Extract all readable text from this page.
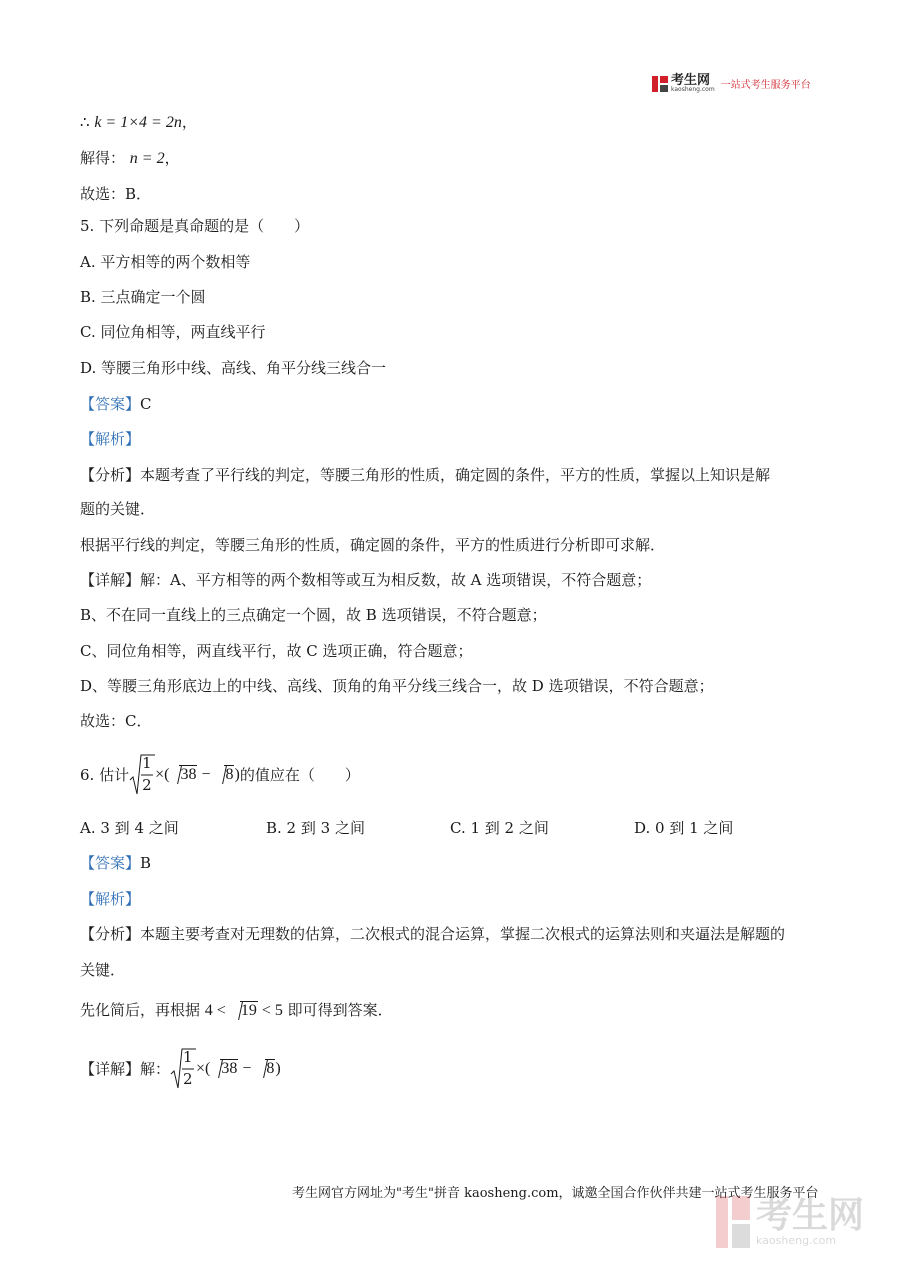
考生网
kaosheng.com 一站式考生服务平台
∴ k = 1×4 = 2n，
解得： n = 2，
故选：B．
5. 下列命题是真命题的是（　　）
A. 平方相等的两个数相等
B. 三点确定一个圆
C. 同位角相等，两直线平行
D. 等腰三角形中线、高线、角平分线三线合一
【答案】C
【解析】
【分析】本题考查了平行线的判定，等腰三角形的性质，确定圆的条件，平方的性质，掌握以上知识是解
题的关键．
根据平行线的判定，等腰三角形的性质，确定圆的条件，平方的性质进行分析即可求解．
【详解】解：A、平方相等的两个数相等或互为相反数，故 A 选项错误，不符合题意；
B、不在同一直线上的三点确定一个圆，故 B 选项错误，不符合题意；
C、同位角相等，两直线平行，故 C 选项正确，符合题意；
D、等腰三角形底边上的中线、高线、顶角的角平分线三线合一，故 D 选项错误，不符合题意；
故选：C．
6. 估计
1
2
×( 38 − 8 ) 的值应在（　　）
A. 3 到 4 之间	B. 2 到 3 之间	C. 1 到 2 之间	D. 0 到 1 之间
【答案】B
【解析】
【分析】本题主要考查对无理数的估算，二次根式的混合运算，掌握二次根式的运算法则和夹逼法是解题的
关键．
先化简后，再根据 4 < 19 < 5 即可得到答案．
【详解】 解：
1
2
×( 38 − 8 )
考生网官方网址为"考生"拼音 kaosheng.com，诚邀全国合作伙伴共建一站式考生服务平台
考生网
kaosheng.com
